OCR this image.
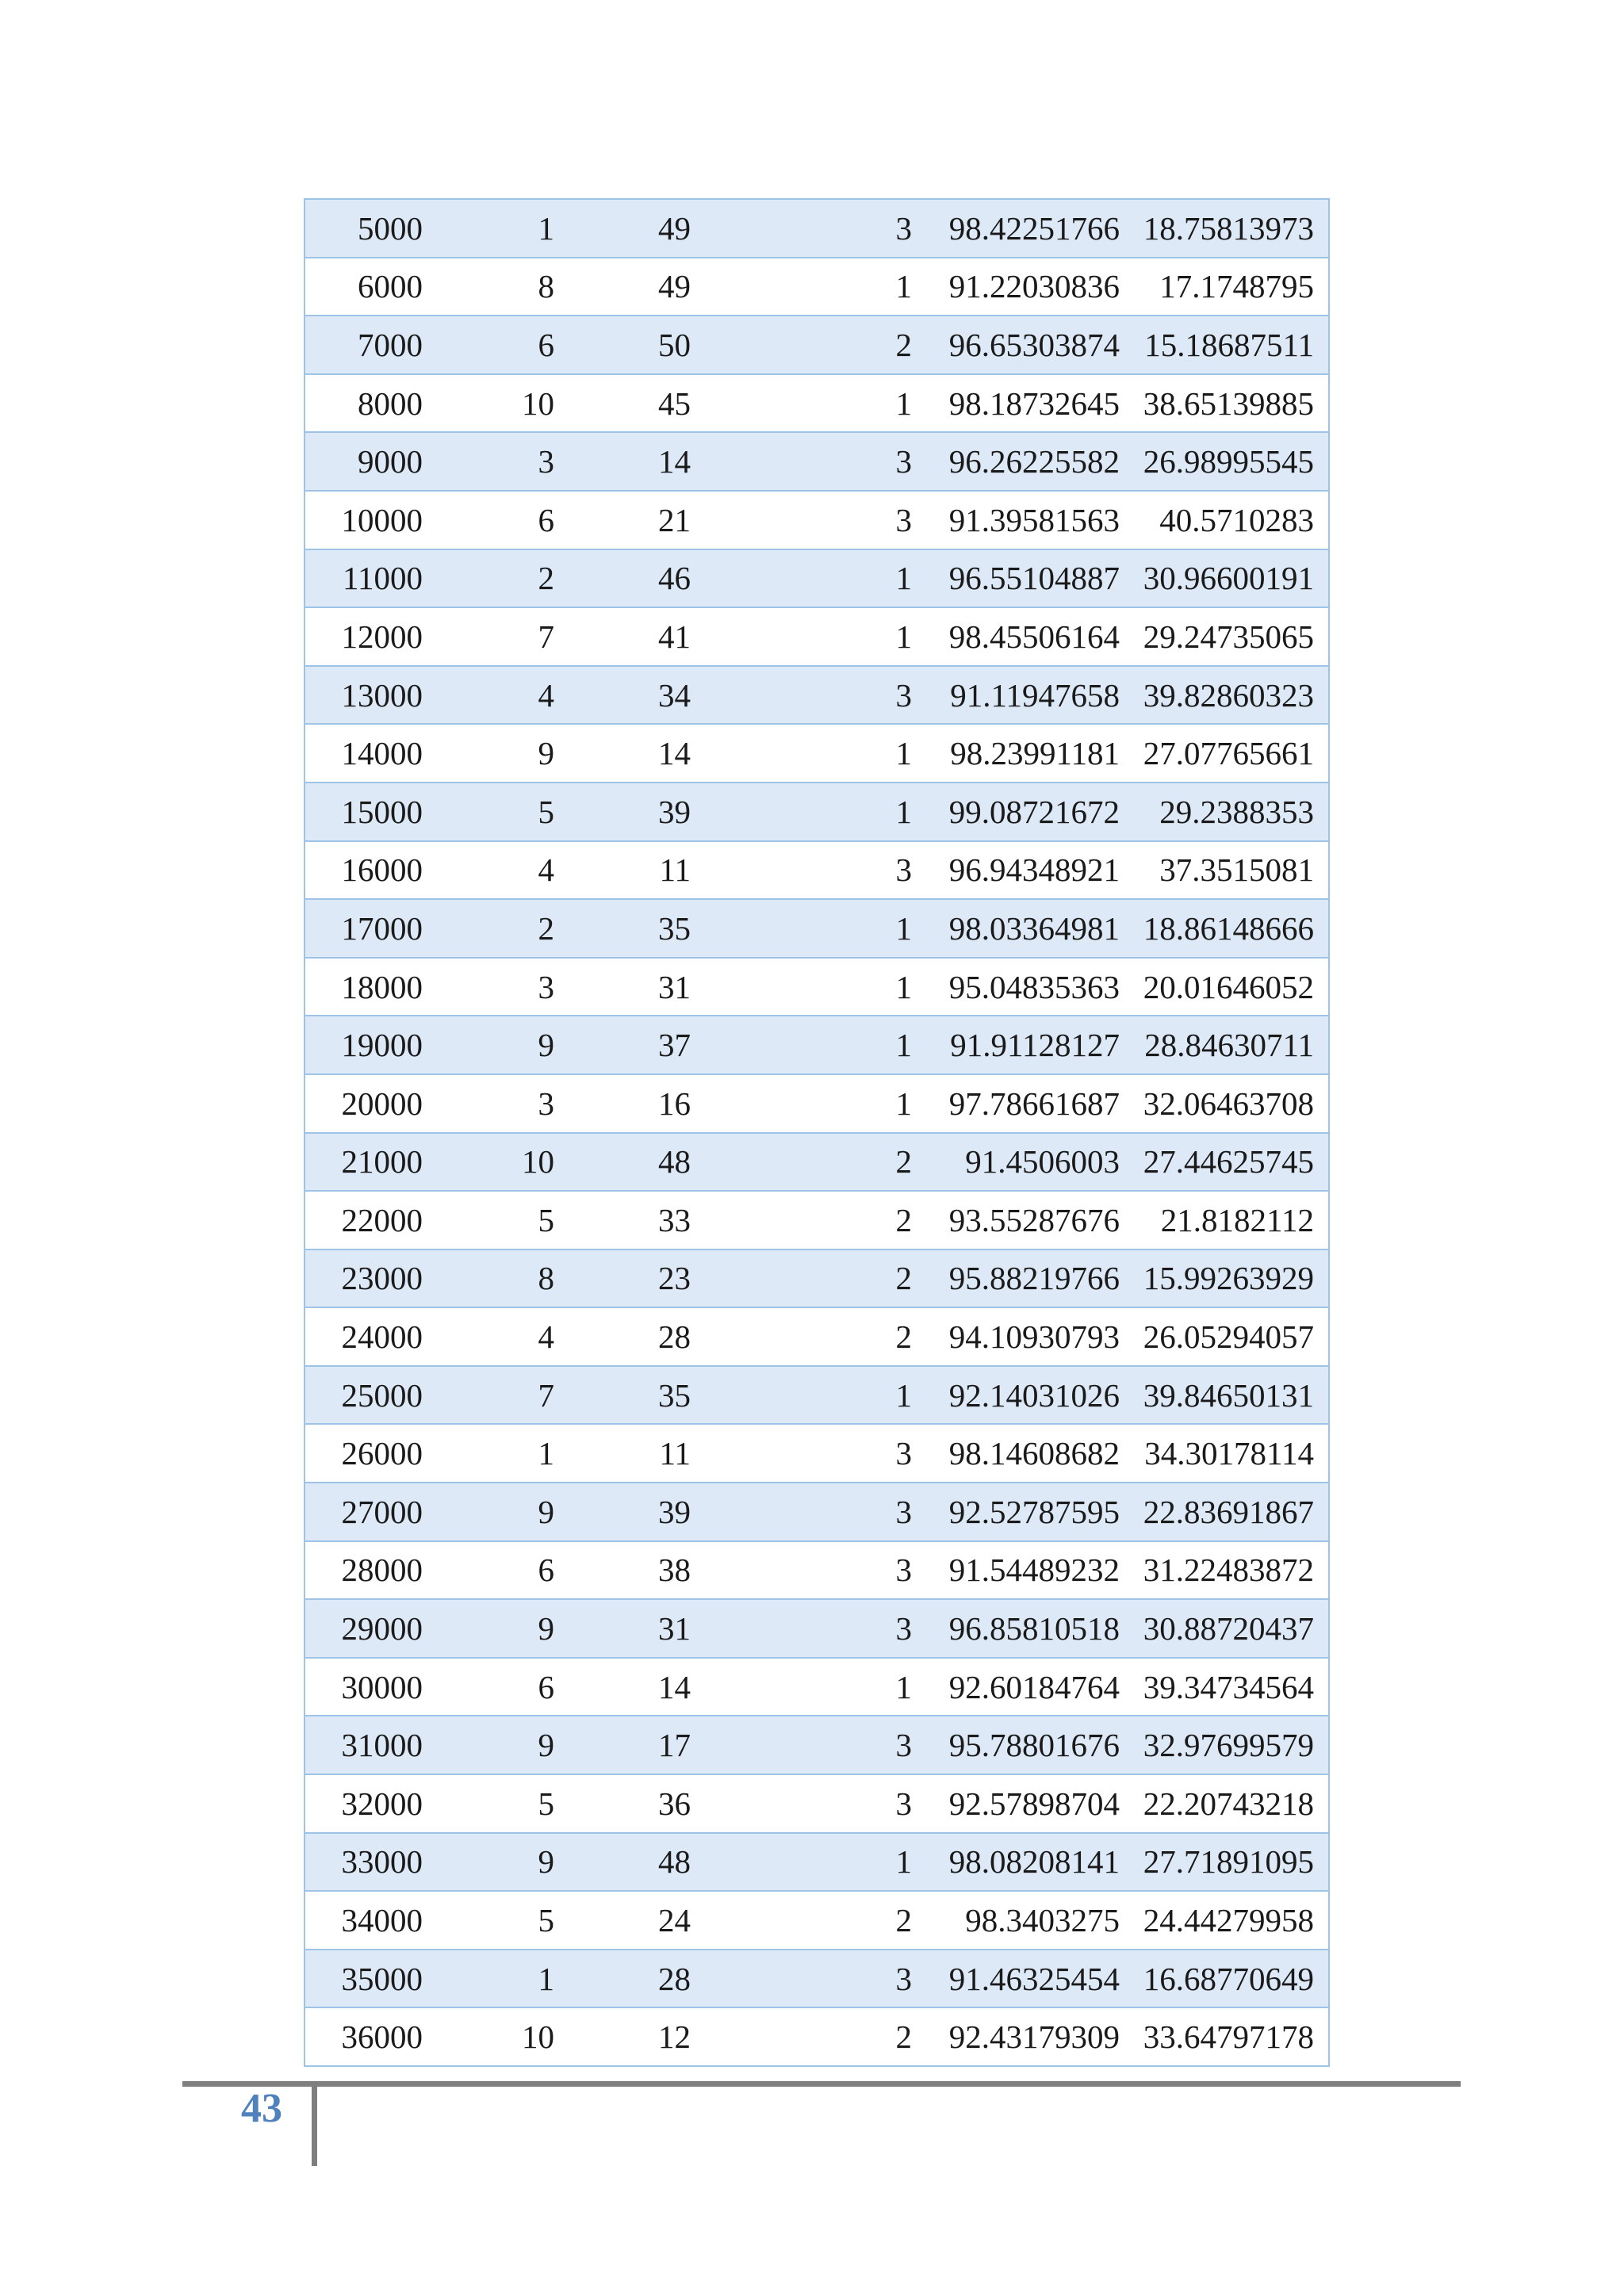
5000	1	49	3	98.42251766	18.75813973
6000	8	49	1	91.22030836	17.1748795
7000	6	50	2	96.65303874	15.18687511
8000	10	45	1	98.18732645	38.65139885
9000	3	14	3	96.26225582	26.98995545
10000	6	21	3	91.39581563	40.5710283
11000	2	46	1	96.55104887	30.96600191
12000	7	41	1	98.45506164	29.24735065
13000	4	34	3	91.11947658	39.82860323
14000	9	14	1	98.23991181	27.07765661
15000	5	39	1	99.08721672	29.2388353
16000	4	11	3	96.94348921	37.3515081
17000	2	35	1	98.03364981	18.86148666
18000	3	31	1	95.04835363	20.01646052
19000	9	37	1	91.91128127	28.84630711
20000	3	16	1	97.78661687	32.06463708
21000	10	48	2	91.4506003	27.44625745
22000	5	33	2	93.55287676	21.8182112
23000	8	23	2	95.88219766	15.99263929
24000	4	28	2	94.10930793	26.05294057
25000	7	35	1	92.14031026	39.84650131
26000	1	11	3	98.14608682	34.30178114
27000	9	39	3	92.52787595	22.83691867
28000	6	38	3	91.54489232	31.22483872
29000	9	31	3	96.85810518	30.88720437
30000	6	14	1	92.60184764	39.34734564
31000	9	17	3	95.78801676	32.97699579
32000	5	36	3	92.57898704	22.20743218
33000	9	48	1	98.08208141	27.71891095
34000	5	24	2	98.3403275	24.44279958
35000	1	28	3	91.46325454	16.68770649
36000	10	12	2	92.43179309	33.64797178
43
